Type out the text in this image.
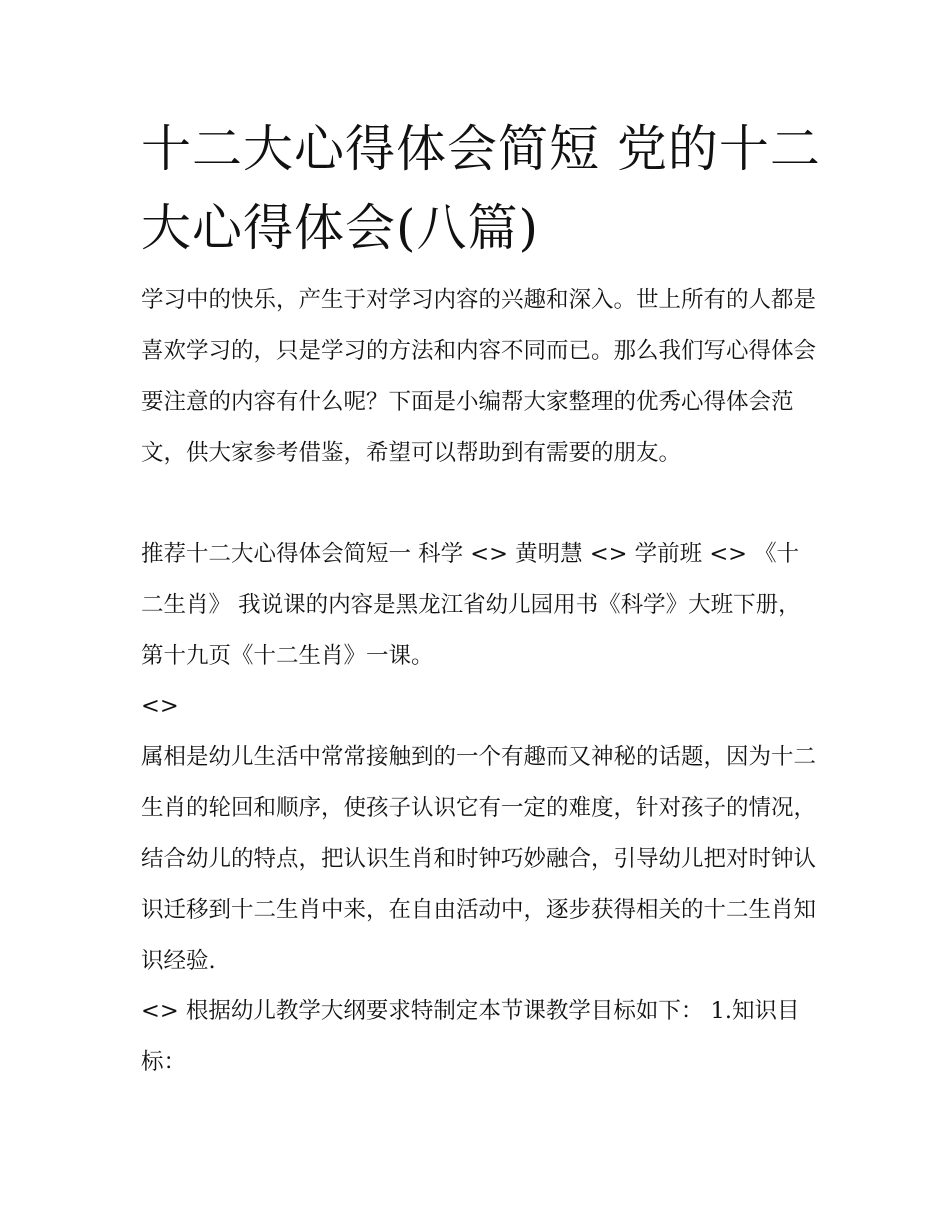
十二大心得体会简短 党的十二大心得体会(八篇)

学习中的快乐，产生于对学习内容的兴趣和深入。世上所有的人都是喜欢学习的，只是学习的方法和内容不同而已。那么我们写心得体会要注意的内容有什么呢？下面是小编帮大家整理的优秀心得体会范文，供大家参考借鉴，希望可以帮助到有需要的朋友。

推荐十二大心得体会简短一 科学 <> 黄明慧 <> 学前班 <> 《十二生肖》 我说课的内容是黑龙江省幼儿园用书《科学》大班下册，第十九页《十二生肖》一课。

<>

属相是幼儿生活中常常接触到的一个有趣而又神秘的话题，因为十二生肖的轮回和顺序，使孩子认识它有一定的难度，针对孩子的情况，结合幼儿的特点，把认识生肖和时钟巧妙融合，引导幼儿把对时钟认识迁移到十二生肖中来，在自由活动中，逐步获得相关的十二生肖知识经验.

<> 根据幼儿教学大纲要求特制定本节课教学目标如下： 1.知识目标：
